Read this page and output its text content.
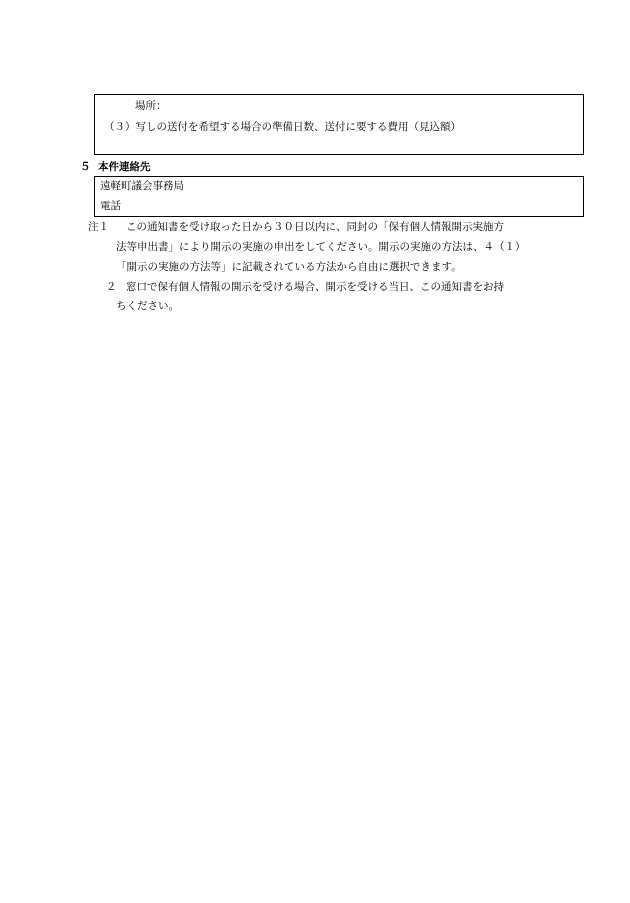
場所：
（３）写しの送付を希望する場合の準備日数、送付に要する費用（見込額）
５ 本件連絡先
遠軽町議会事務局
電話
注１ この通知書を受け取った日から３０日以内に、同封の「保有個人情報開示実施方
法等申出書」により開示の実施の申出をしてください。開示の実施の方法は、４（１）
「開示の実施の方法等」に記載されている方法から自由に選択できます。
２ 窓口で保有個人情報の開示を受ける場合、開示を受ける当日、この通知書をお持
ちください。
